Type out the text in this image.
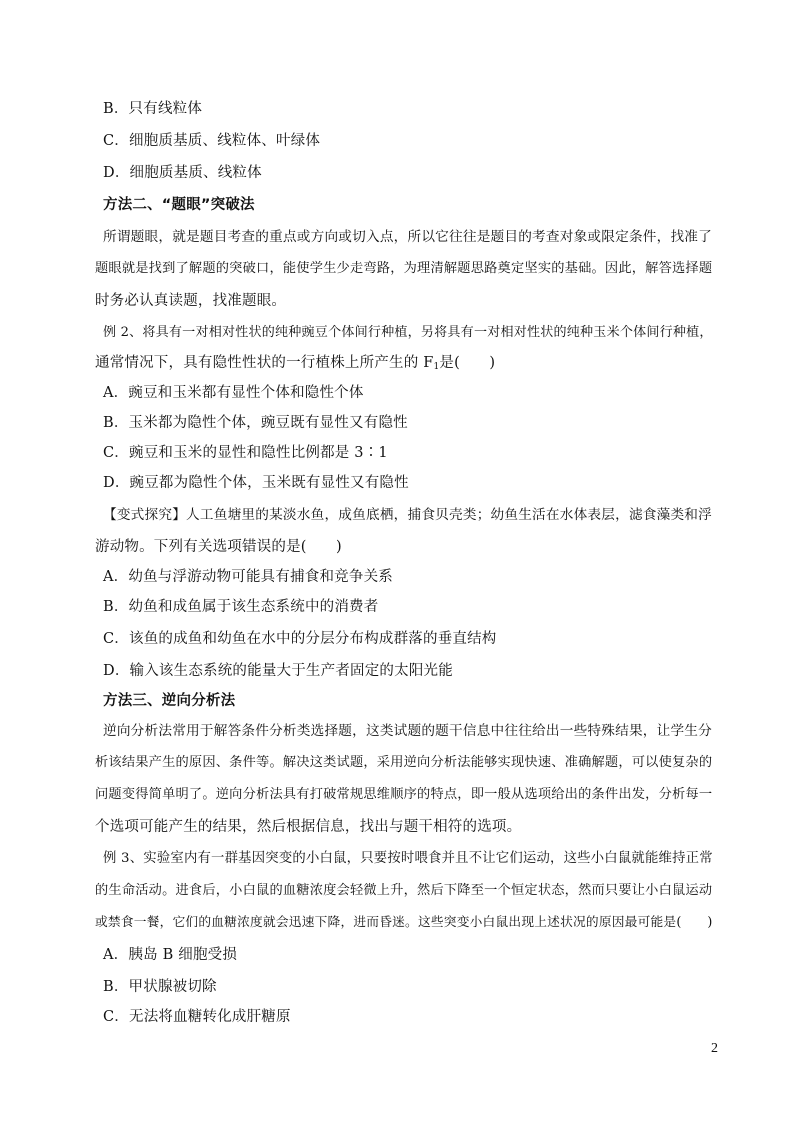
B．只有线粒体
C．细胞质基质、线粒体、叶绿体
D．细胞质基质、线粒体
方法二、“题眼”突破法
所谓题眼，就是题目考查的重点或方向或切入点，所以它往往是题目的考查对象或限定条件，找准了
题眼就是找到了解题的突破口，能使学生少走弯路，为理清解题思路奠定坚实的基础。因此，解答选择题
时务必认真读题，找准题眼。
例 2、将具有一对相对性状的纯种豌豆个体间行种植，另将具有一对相对性状的纯种玉米个体间行种植，
通常情况下，具有隐性性状的一行植株上所产生的 $F_1$是(　　)
A．豌豆和玉米都有显性个体和隐性个体
B．玉米都为隐性个体，豌豆既有显性又有隐性
C．豌豆和玉米的显性和隐性比例都是 3∶1
D．豌豆都为隐性个体，玉米既有显性又有隐性
【变式探究】人工鱼塘里的某淡水鱼，成鱼底栖，捕食贝壳类；幼鱼生活在水体表层，滤食藻类和浮
游动物。下列有关选项错误的是(　　)
A．幼鱼与浮游动物可能具有捕食和竞争关系
B．幼鱼和成鱼属于该生态系统中的消费者
C．该鱼的成鱼和幼鱼在水中的分层分布构成群落的垂直结构
D．输入该生态系统的能量大于生产者固定的太阳光能
方法三、逆向分析法
逆向分析法常用于解答条件分析类选择题，这类试题的题干信息中往往给出一些特殊结果，让学生分
析该结果产生的原因、条件等。解决这类试题，采用逆向分析法能够实现快速、准确解题，可以使复杂的
问题变得简单明了。逆向分析法具有打破常规思维顺序的特点，即一般从选项给出的条件出发，分析每一
个选项可能产生的结果，然后根据信息，找出与题干相符的选项。
例 3、实验室内有一群基因突变的小白鼠，只要按时喂食并且不让它们运动，这些小白鼠就能维持正常
的生命活动。进食后，小白鼠的血糖浓度会轻微上升，然后下降至一个恒定状态，然而只要让小白鼠运动
或禁食一餐，它们的血糖浓度就会迅速下降，进而昏迷。这些突变小白鼠出现上述状况的原因最可能是(　　)
A．胰岛 B 细胞受损
B．甲状腺被切除
C．无法将血糖转化成肝糖原
2
